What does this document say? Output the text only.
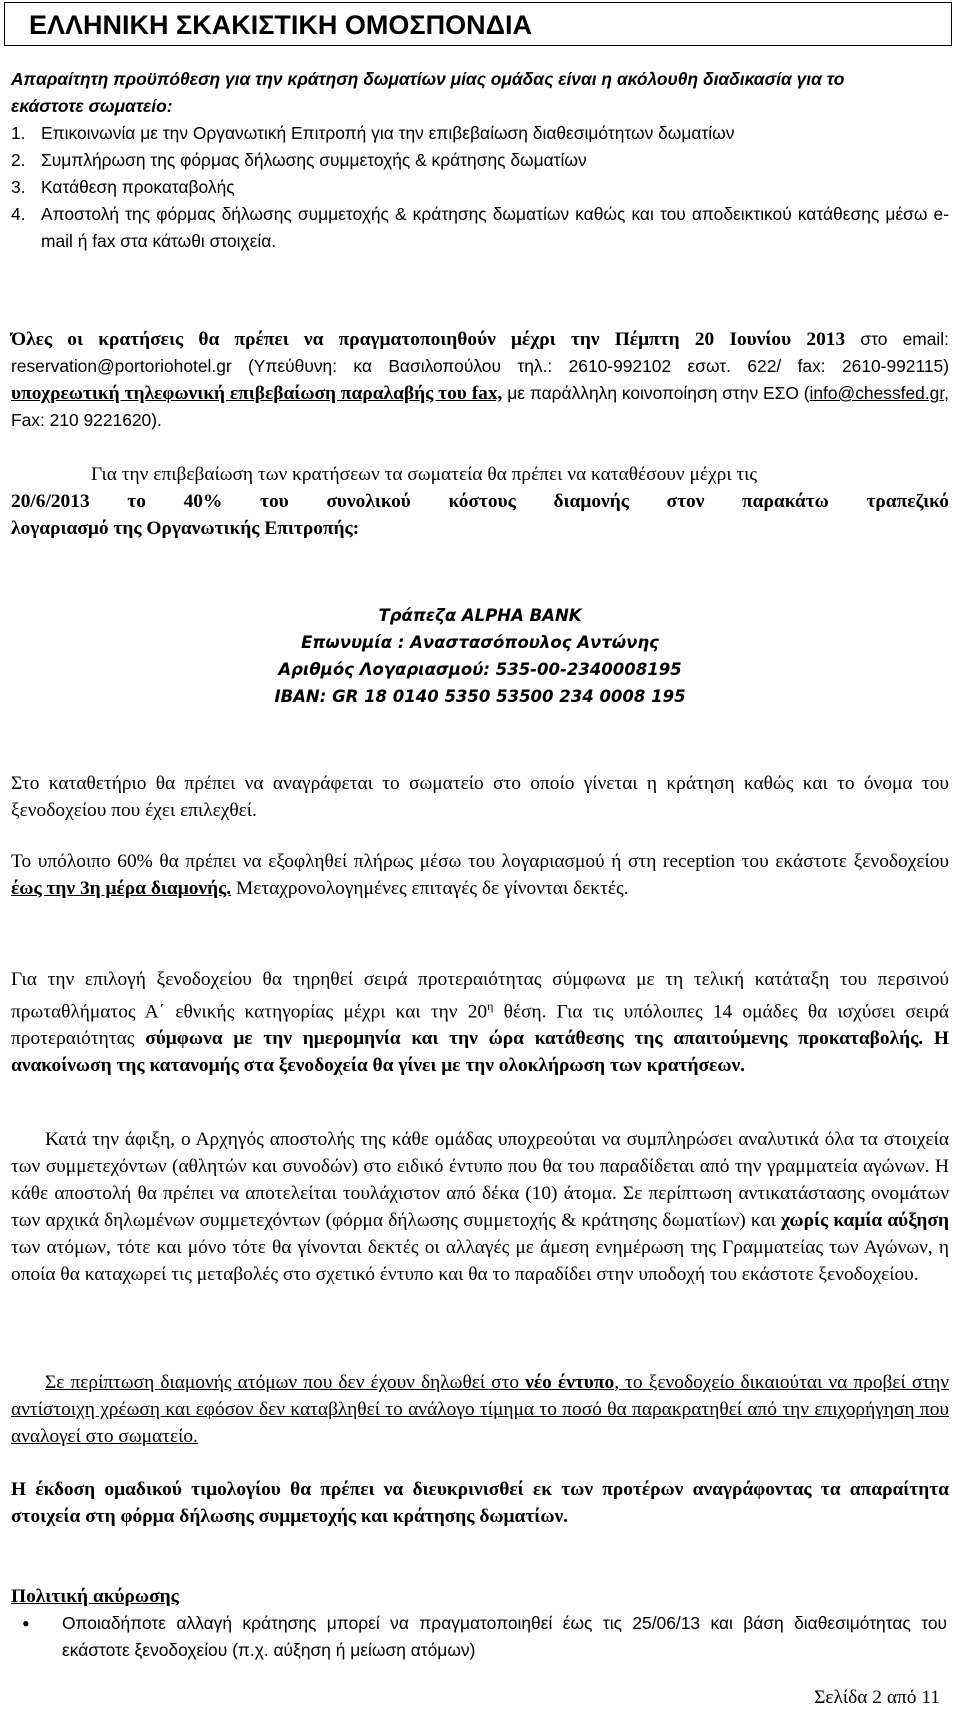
ΕΛΛΗΝΙΚΗ ΣΚΑΚΙΣΤΙΚΗ ΟΜΟΣΠΟΝΔΙΑ
Απαραίτητη προϋπόθεση για την κράτηση δωματίων μίας ομάδας είναι η ακόλουθη διαδικασία για το εκάστοτε σωματείο:
1. Επικοινωνία με την Οργανωτική Επιτροπή για την επιβεβαίωση διαθεσιμότητων δωματίων
2. Συμπλήρωση της φόρμας δήλωσης συμμετοχής & κράτησης δωματίων
3. Κατάθεση προκαταβολής
4. Αποστολή της φόρμας δήλωσης συμμετοχής & κράτησης δωματίων καθώς και του αποδεικτικού κατάθεσης μέσω e-mail ή fax στα κάτωθι στοιχεία.

Όλες οι κρατήσεις θα πρέπει να πραγματοποιηθούν μέχρι την Πέμπτη 20 Ιουνίου 2013 στο email: reservation@portoriohotel.gr (Υπεύθυνη: κα Βασιλοπούλου τηλ.: 2610-992102 εσωτ. 622/ fax: 2610-992115) υποχρεωτική τηλεφωνική επιβεβαίωση παραλαβής του fax, με παράλληλη κοινοποίηση στην ΕΣΟ (info@chessfed.gr, Fax: 210 9221620).

Για την επιβεβαίωση των κρατήσεων τα σωματεία θα πρέπει να καταθέσουν μέχρι τις
20/6/2013 το 40% του συνολικού κόστους διαμονής στον παρακάτω τραπεζικό
λογαριασμό της Οργανωτικής Επιτροπής:

Τράπεζα ALPHA BANK
Επωνυμία : Αναστασόπουλος Αντώνης
Αριθμός Λογαριασμού: 535-00-2340008195
IBAN: GR 18 0140 5350 53500 234 0008 195

Στο καταθετήριο θα πρέπει να αναγράφεται το σωματείο στο οποίο γίνεται η κράτηση καθώς και το όνομα του ξενοδοχείου που έχει επιλεχθεί.

Το υπόλοιπο 60% θα πρέπει να εξοφληθεί πλήρως μέσω του λογαριασμού ή στη reception του εκάστοτε ξενοδοχείου έως την 3η μέρα διαμονής. Μεταχρονολογημένες επιταγές δε γίνονται δεκτές.

Για την επιλογή ξενοδοχείου θα τηρηθεί σειρά προτεραιότητας σύμφωνα με τη τελική κατάταξη του περσινού πρωταθλήματος Α΄ εθνικής κατηγορίας μέχρι και την $20^\eta$ θέση. Για τις υπόλοιπες 14 ομάδες θα ισχύσει σειρά προτεραιότητας σύμφωνα με την ημερομηνία και την ώρα κατάθεσης της απαιτούμενης προκαταβολής. Η ανακοίνωση της κατανομής στα ξενοδοχεία θα γίνει με την ολοκλήρωση των κρατήσεων.

Κατά την άφιξη, ο Αρχηγός αποστολής της κάθε ομάδας υποχρεούται να συμπληρώσει αναλυτικά όλα τα στοιχεία των συμμετεχόντων (αθλητών και συνοδών) στο ειδικό έντυπο που θα του παραδίδεται από την γραμματεία αγώνων. Η κάθε αποστολή θα πρέπει να αποτελείται τουλάχιστον από δέκα (10) άτομα. Σε περίπτωση αντικατάστασης ονομάτων των αρχικά δηλωμένων συμμετεχόντων (φόρμα δήλωσης συμμετοχής & κράτησης δωματίων) και χωρίς καμία αύξηση των ατόμων, τότε και μόνο τότε θα γίνονται δεκτές οι αλλαγές με άμεση ενημέρωση της Γραμματείας των Αγώνων, η οποία θα καταχωρεί τις μεταβολές στο σχετικό έντυπο και θα το παραδίδει στην υποδοχή του εκάστοτε ξενοδοχείου.

Σε περίπτωση διαμονής ατόμων που δεν έχουν δηλωθεί στο νέο έντυπο, το ξενοδοχείο δικαιούται να προβεί στην αντίστοιχη χρέωση και εφόσον δεν καταβληθεί το ανάλογο τίμημα το ποσό θα παρακρατηθεί από την επιχορήγηση που αναλογεί στο σωματείο.

Η έκδοση ομαδικού τιμολογίου θα πρέπει να διευκρινισθεί εκ των προτέρων αναγράφοντας τα απαραίτητα στοιχεία στη φόρμα δήλωσης συμμετοχής και κράτησης δωματίων.

Πολιτική ακύρωσης
•	Οποιαδήποτε αλλαγή κράτησης μπορεί να πραγματοποιηθεί έως τις 25/06/13 και βάση διαθεσιμότητας του εκάστοτε ξενοδοχείου (π.χ. αύξηση ή μείωση ατόμων)
Σελίδα 2 από 11
